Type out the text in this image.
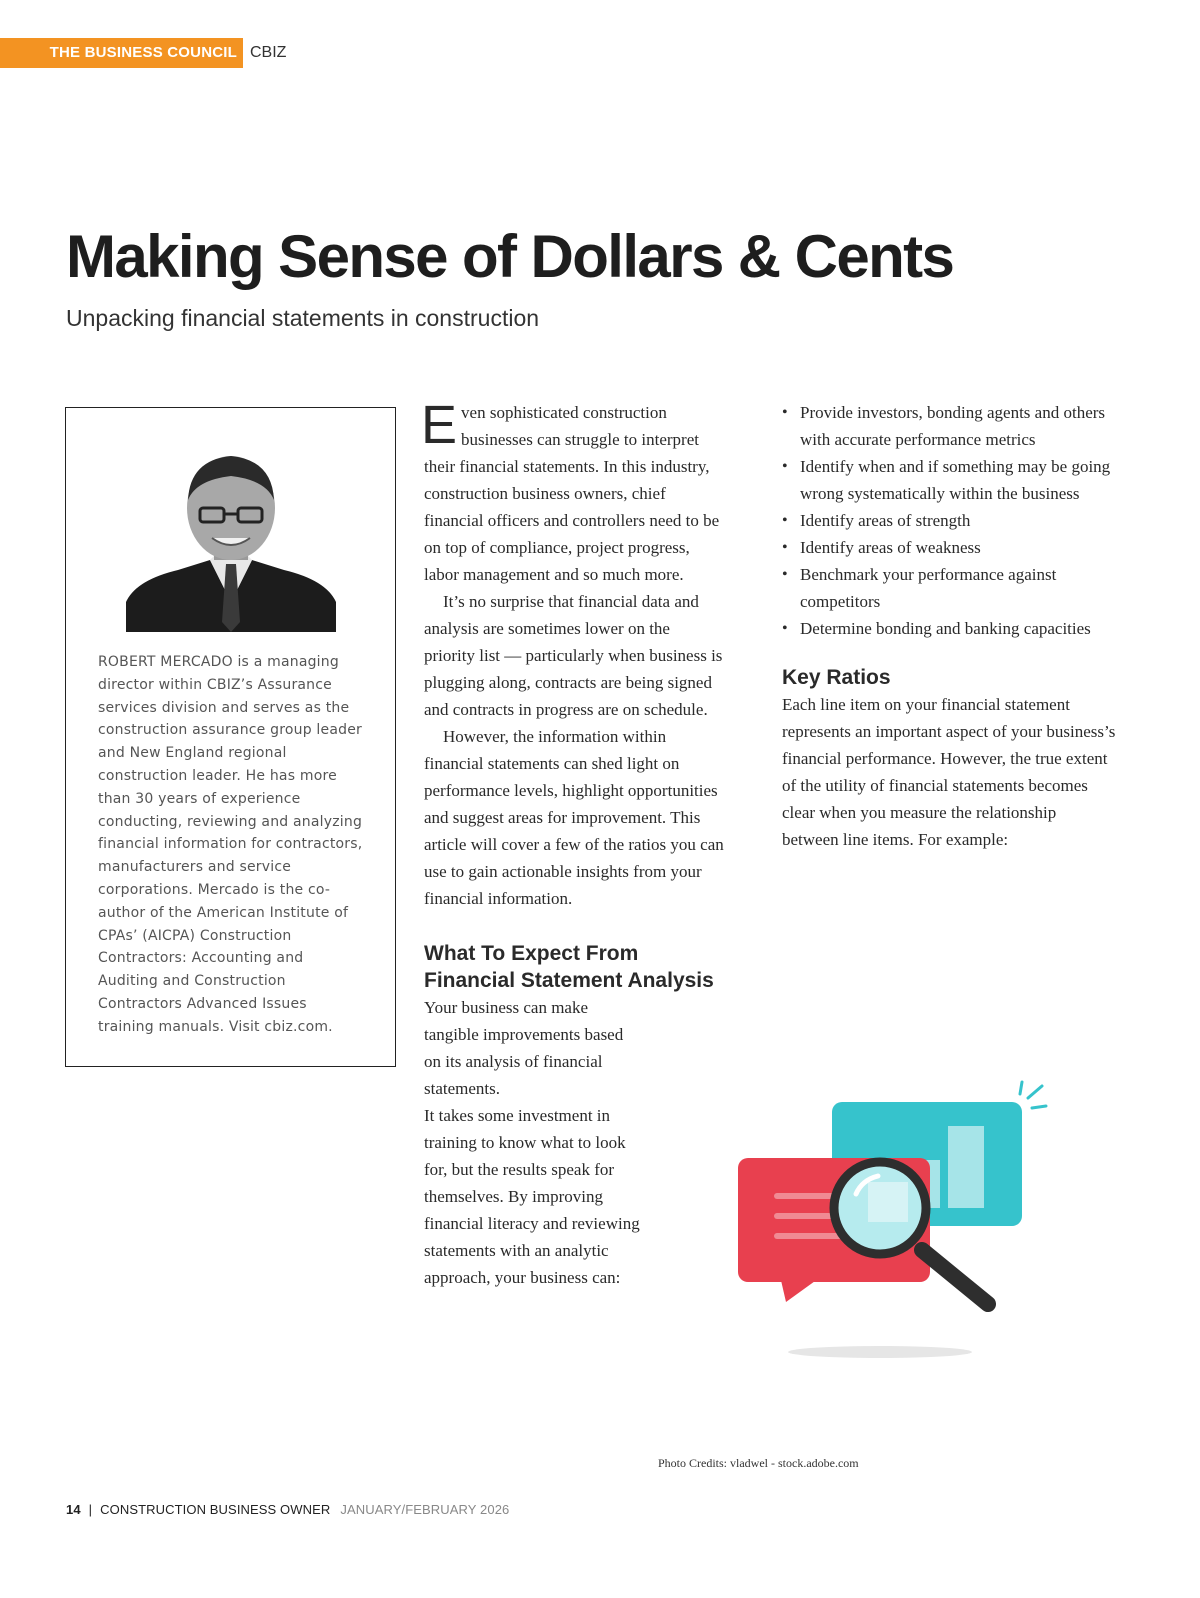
THE BUSINESS COUNCIL CBIZ
Making Sense of Dollars & Cents
Unpacking financial statements in construction
ROBERT MERCADO is a managing director within CBIZ’s Assurance services division and serves as the construction assurance group leader and New England regional construction leader. He has more than 30 years of experience conducting, reviewing and analyzing financial information for contractors, manufacturers and service corporations. Mercado is the co-author of the American Institute of CPAs’ (AICPA) Construction Contractors: Accounting and Auditing and Construction Contractors Advanced Issues training manuals. Visit cbiz.com.

Even sophisticated construction businesses can struggle to interpret their financial statements. In this industry, construction business owners, chief financial officers and controllers need to be on top of compliance, project progress, labor management and so much more.

It’s no surprise that financial data and analysis are sometimes lower on the priority list — particularly when business is plugging along, contracts are being signed and contracts in progress are on schedule.

However, the information within financial statements can shed light on performance levels, highlight opportunities and suggest areas for improvement. This article will cover a few of the ratios you can use to gain actionable insights from your financial information.

What To Expect From Financial Statement Analysis

Your business can make tangible improvements based on its analysis of financial statements.

It takes some investment in training to know what to look for, but the results speak for themselves. By improving financial literacy and reviewing statements with an analytic approach, your business can:

• Provide investors, bonding agents and others with accurate performance metrics
• Identify when and if something may be going wrong systematically within the business
• Identify areas of strength
• Identify areas of weakness
• Benchmark your performance against competitors
• Determine bonding and banking capacities
Key Ratios

Each line item on your financial statement represents an important aspect of your business’s financial performance. However, the true extent of the utility of financial statements becomes clear when you measure the relationship between line items. For example:

Photo Credits: vladwel - stock.adobe.com
14 | CONSTRUCTION BUSINESS OWNER JANUARY/FEBRUARY 2026
